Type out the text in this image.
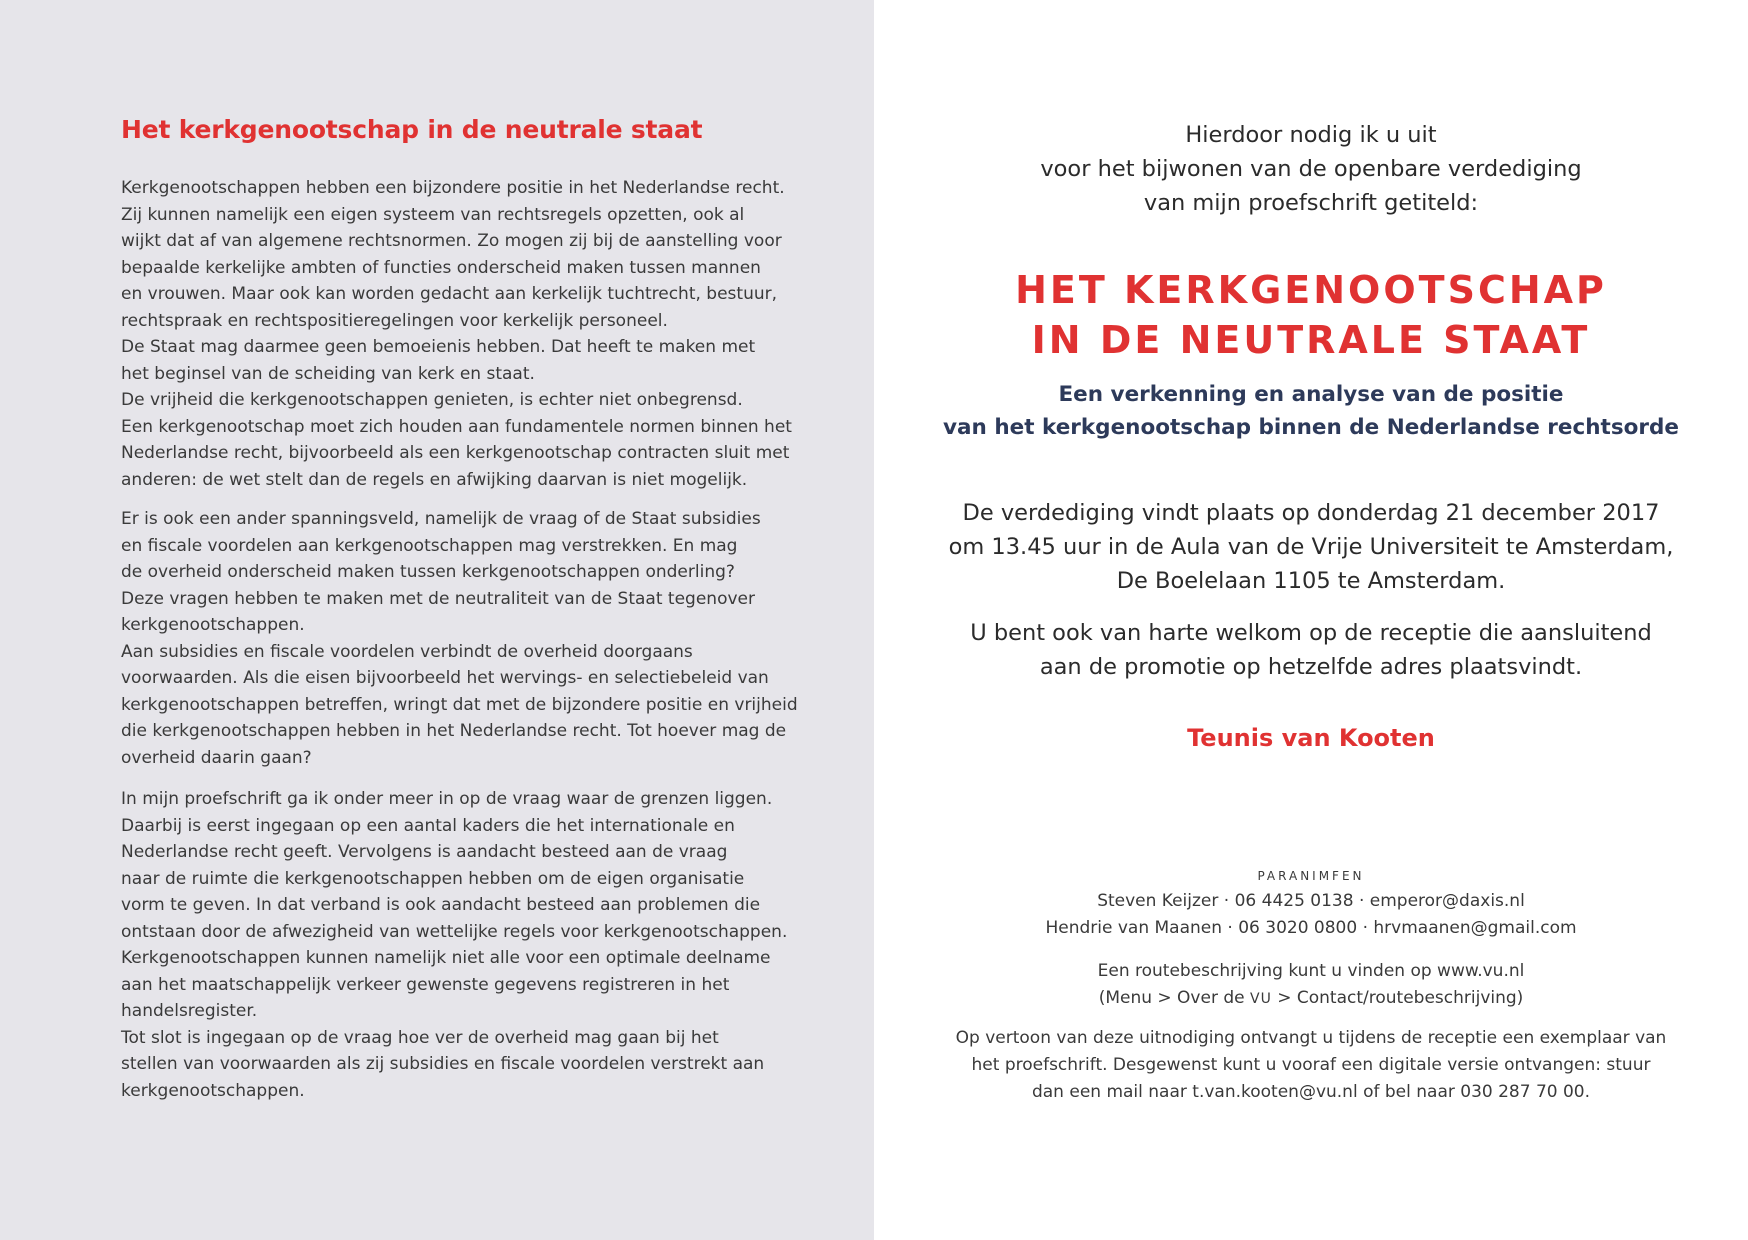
Het kerkgenootschap in de neutrale staat
Kerkgenootschappen hebben een bijzondere positie in het Nederlandse recht.
Zij kunnen namelijk een eigen systeem van rechtsregels opzetten, ook al
wijkt dat af van algemene rechtsnormen. Zo mogen zij bij de aanstelling voor
bepaalde kerkelijke ambten of functies onderscheid maken tussen mannen
en vrouwen. Maar ook kan worden gedacht aan kerkelijk tuchtrecht, bestuur,
rechtspraak en rechtspositieregelingen voor kerkelijk personeel.
De Staat mag daarmee geen bemoeienis hebben. Dat heeft te maken met
het beginsel van de scheiding van kerk en staat.
De vrijheid die kerkgenootschappen genieten, is echter niet onbegrensd.
Een kerkgenootschap moet zich houden aan fundamentele normen binnen het
Nederlandse recht, bijvoorbeeld als een kerkgenootschap contracten sluit met
anderen: de wet stelt dan de regels en afwijking daarvan is niet mogelijk.
Er is ook een ander spanningsveld, namelijk de vraag of de Staat subsidies
en fiscale voordelen aan kerkgenootschappen mag verstrekken. En mag
de overheid onderscheid maken tussen kerkgenootschappen onderling?
Deze vragen hebben te maken met de neutraliteit van de Staat tegenover
kerkgenootschappen.
Aan subsidies en fiscale voordelen verbindt de overheid doorgaans
voorwaarden. Als die eisen bijvoorbeeld het wervings- en selectiebeleid van
kerkgenootschappen betreffen, wringt dat met de bijzondere positie en vrijheid
die kerkgenootschappen hebben in het Nederlandse recht. Tot hoever mag de
overheid daarin gaan?
In mijn proefschrift ga ik onder meer in op de vraag waar de grenzen liggen.
Daarbij is eerst ingegaan op een aantal kaders die het internationale en
Nederlandse recht geeft. Vervolgens is aandacht besteed aan de vraag
naar de ruimte die kerkgenootschappen hebben om de eigen organisatie
vorm te geven. In dat verband is ook aandacht besteed aan problemen die
ontstaan door de afwezigheid van wettelijke regels voor kerkgenootschappen.
Kerkgenootschappen kunnen namelijk niet alle voor een optimale deelname
aan het maatschappelijk verkeer gewenste gegevens registreren in het
handelsregister.
Tot slot is ingegaan op de vraag hoe ver de overheid mag gaan bij het
stellen van voorwaarden als zij subsidies en fiscale voordelen verstrekt aan
kerkgenootschappen.
Hierdoor nodig ik u uit
voor het bijwonen van de openbare verdediging
van mijn proefschrift getiteld:
HET KERKGENOOTSCHAP
IN DE NEUTRALE STAAT
Een verkenning en analyse van de positie
van het kerkgenootschap binnen de Nederlandse rechtsorde
De verdediging vindt plaats op donderdag 21 december 2017
om 13.45 uur in de Aula van de Vrije Universiteit te Amsterdam,
De Boelelaan 1105 te Amsterdam.
U bent ook van harte welkom op de receptie die aansluitend
aan de promotie op hetzelfde adres plaatsvindt.
Teunis van Kooten
PARANIMFEN
Steven Keijzer · 06 4425 0138 · emperor@daxis.nl
Hendrie van Maanen · 06 3020 0800 · hrvmaanen@gmail.com
Een routebeschrijving kunt u vinden op www.vu.nl
(Menu > Over de VU > Contact/routebeschrijving)
Op vertoon van deze uitnodiging ontvangt u tijdens de receptie een exemplaar van
het proefschrift. Desgewenst kunt u vooraf een digitale versie ontvangen: stuur
dan een mail naar t.van.kooten@vu.nl of bel naar 030 287 70 00.
